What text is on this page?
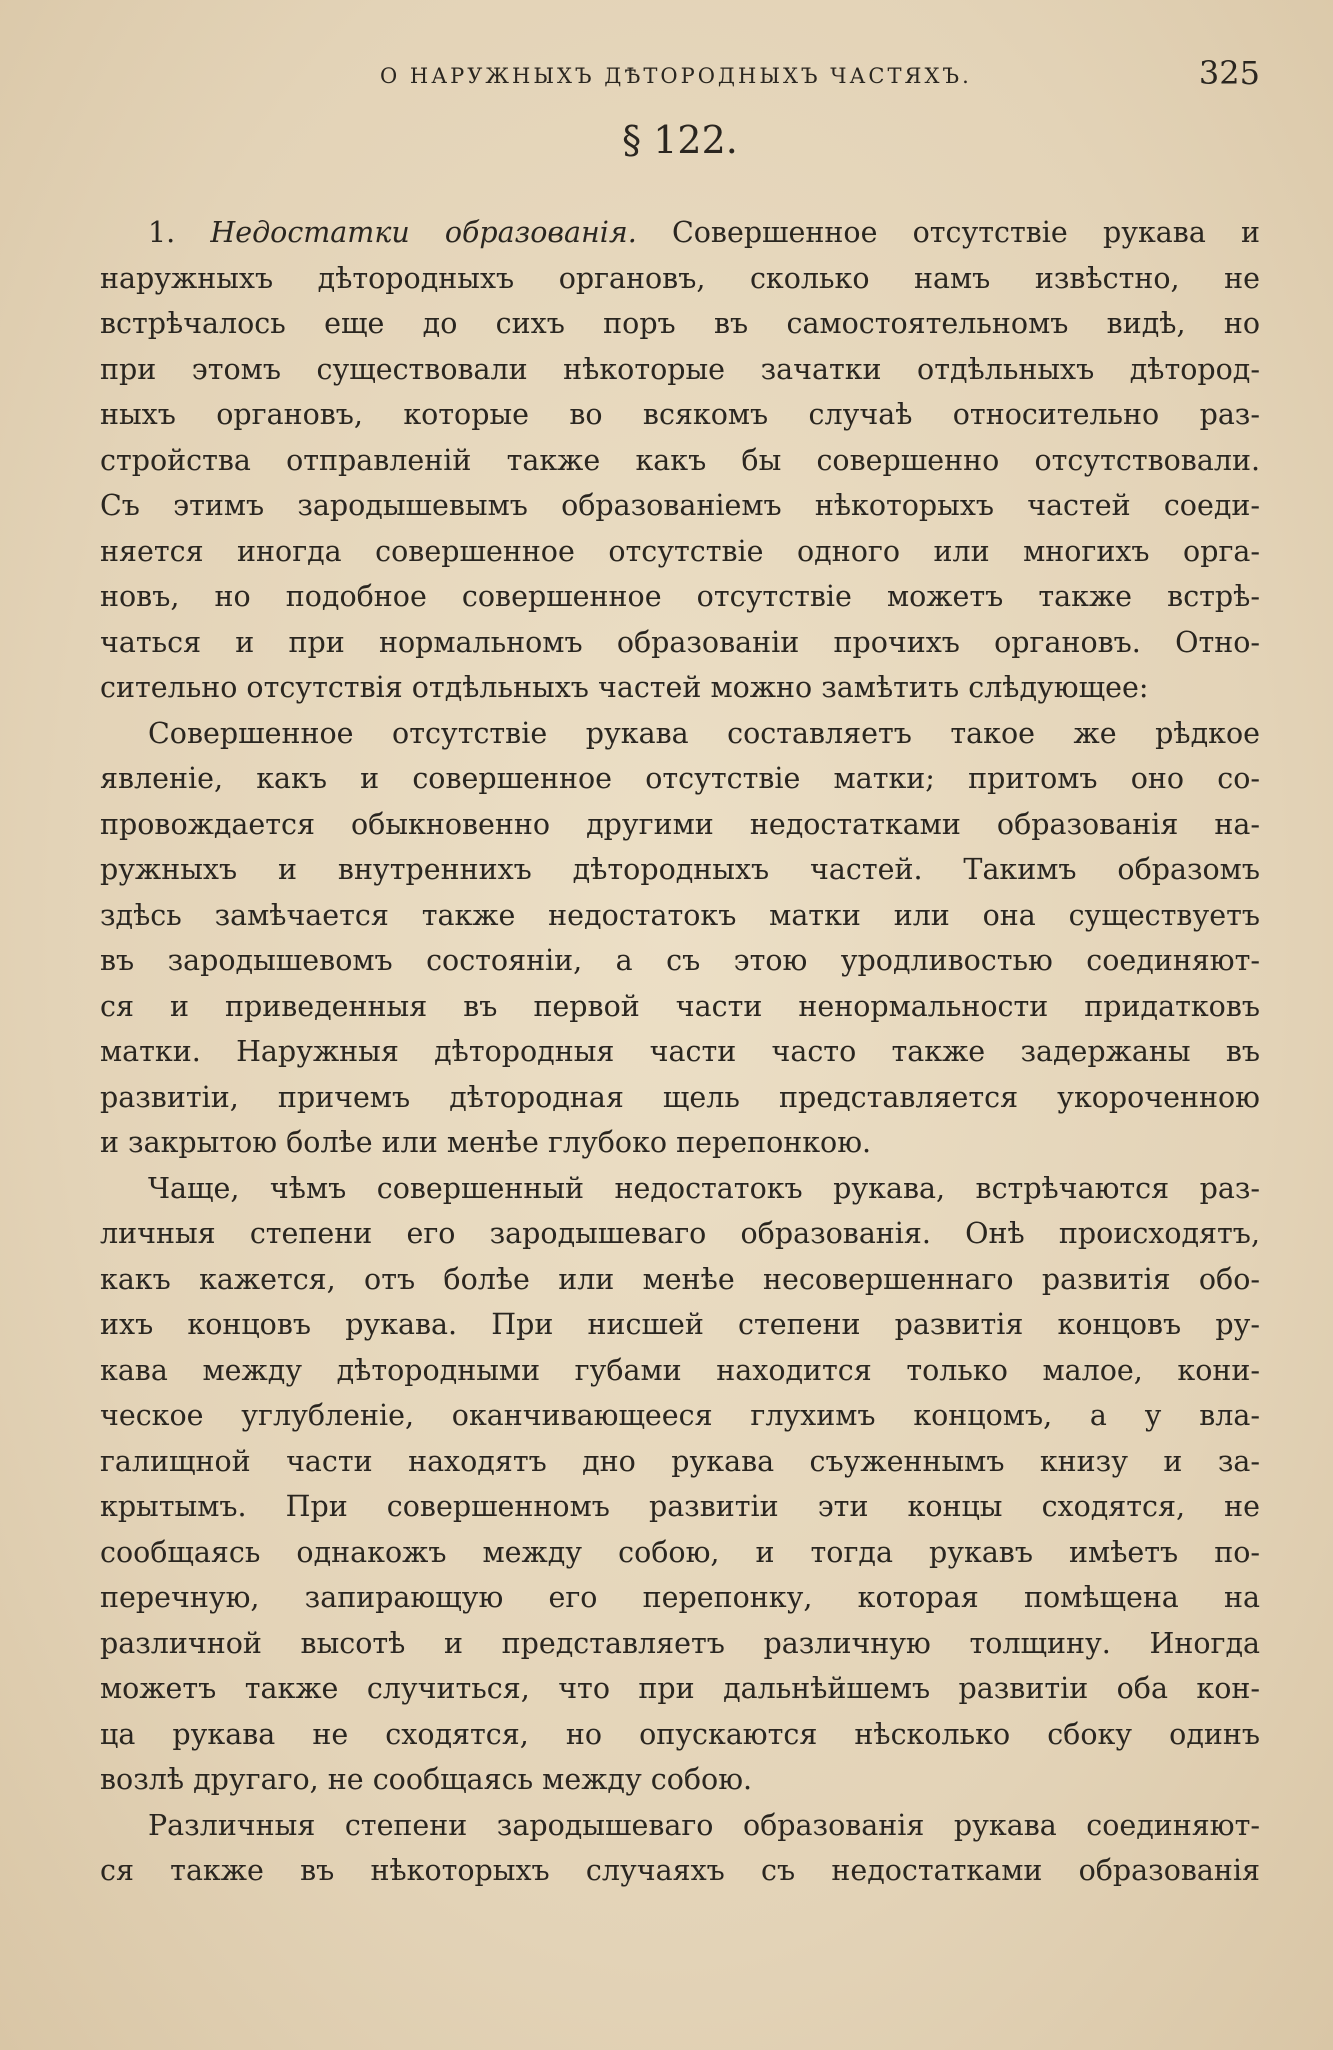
О НАРУЖНЫХЪ ДѢТОРОДНЫХЪ ЧАСТЯХЪ.	325
§ 122.
1. Недостатки образованія. Совершенное отсутствіе рукава и
наружныхъ дѣтородныхъ органовъ, сколько намъ извѣстно, не
встрѣчалось еще до сихъ поръ въ самостоятельномъ видѣ, но
при этомъ существовали нѣкоторые зачатки отдѣльныхъ дѣтород-
ныхъ органовъ, которые во всякомъ случаѣ относительно раз-
стройства отправленій также какъ бы совершенно отсутствовали.
Съ этимъ зародышевымъ образованіемъ нѣкоторыхъ частей соеди-
няется иногда совершенное отсутствіе одного или многихъ орга-
новъ, но подобное совершенное отсутствіе можетъ также встрѣ-
чаться и при нормальномъ образованіи прочихъ органовъ. Отно-
сительно отсутствія отдѣльныхъ частей можно замѣтить слѣдующее:
Совершенное отсутствіе рукава составляетъ такое же рѣдкое
явленіе, какъ и совершенное отсутствіе матки; притомъ оно со-
провождается обыкновенно другими недостатками образованія на-
ружныхъ и внутреннихъ дѣтородныхъ частей. Такимъ образомъ
здѣсь замѣчается также недостатокъ матки или она существуетъ
въ зародышевомъ состояніи, а съ этою уродливостью соединяют-
ся и приведенныя въ первой части ненормальности придатковъ
матки. Наружныя дѣтородныя части часто также задержаны въ
развитіи, причемъ дѣтородная щель представляется укороченною
и закрытою болѣе или менѣе глубоко перепонкою.
Чаще, чѣмъ совершенный недостатокъ рукава, встрѣчаются раз-
личныя степени его зародышеваго образованія. Онѣ происходятъ,
какъ кажется, отъ болѣе или менѣе несовершеннаго развитія обо-
ихъ концовъ рукава. При нисшей степени развитія концовъ ру-
кава между дѣтородными губами находится только малое, кони-
ческое углубленіе, оканчивающееся глухимъ концомъ, а у вла-
галищной части находятъ дно рукава съуженнымъ книзу и за-
крытымъ. При совершенномъ развитіи эти концы сходятся, не
сообщаясь однакожъ между собою, и тогда рукавъ имѣетъ по-
перечную, запирающую его перепонку, которая помѣщена на
различной высотѣ и представляетъ различную толщину. Иногда
можетъ также случиться, что при дальнѣйшемъ развитіи оба кон-
ца рукава не сходятся, но опускаются нѣсколько сбоку одинъ
возлѣ другаго, не сообщаясь между собою.
Различныя степени зародышеваго образованія рукава соединяют-
ся также въ нѣкоторыхъ случаяхъ съ недостатками образованія
